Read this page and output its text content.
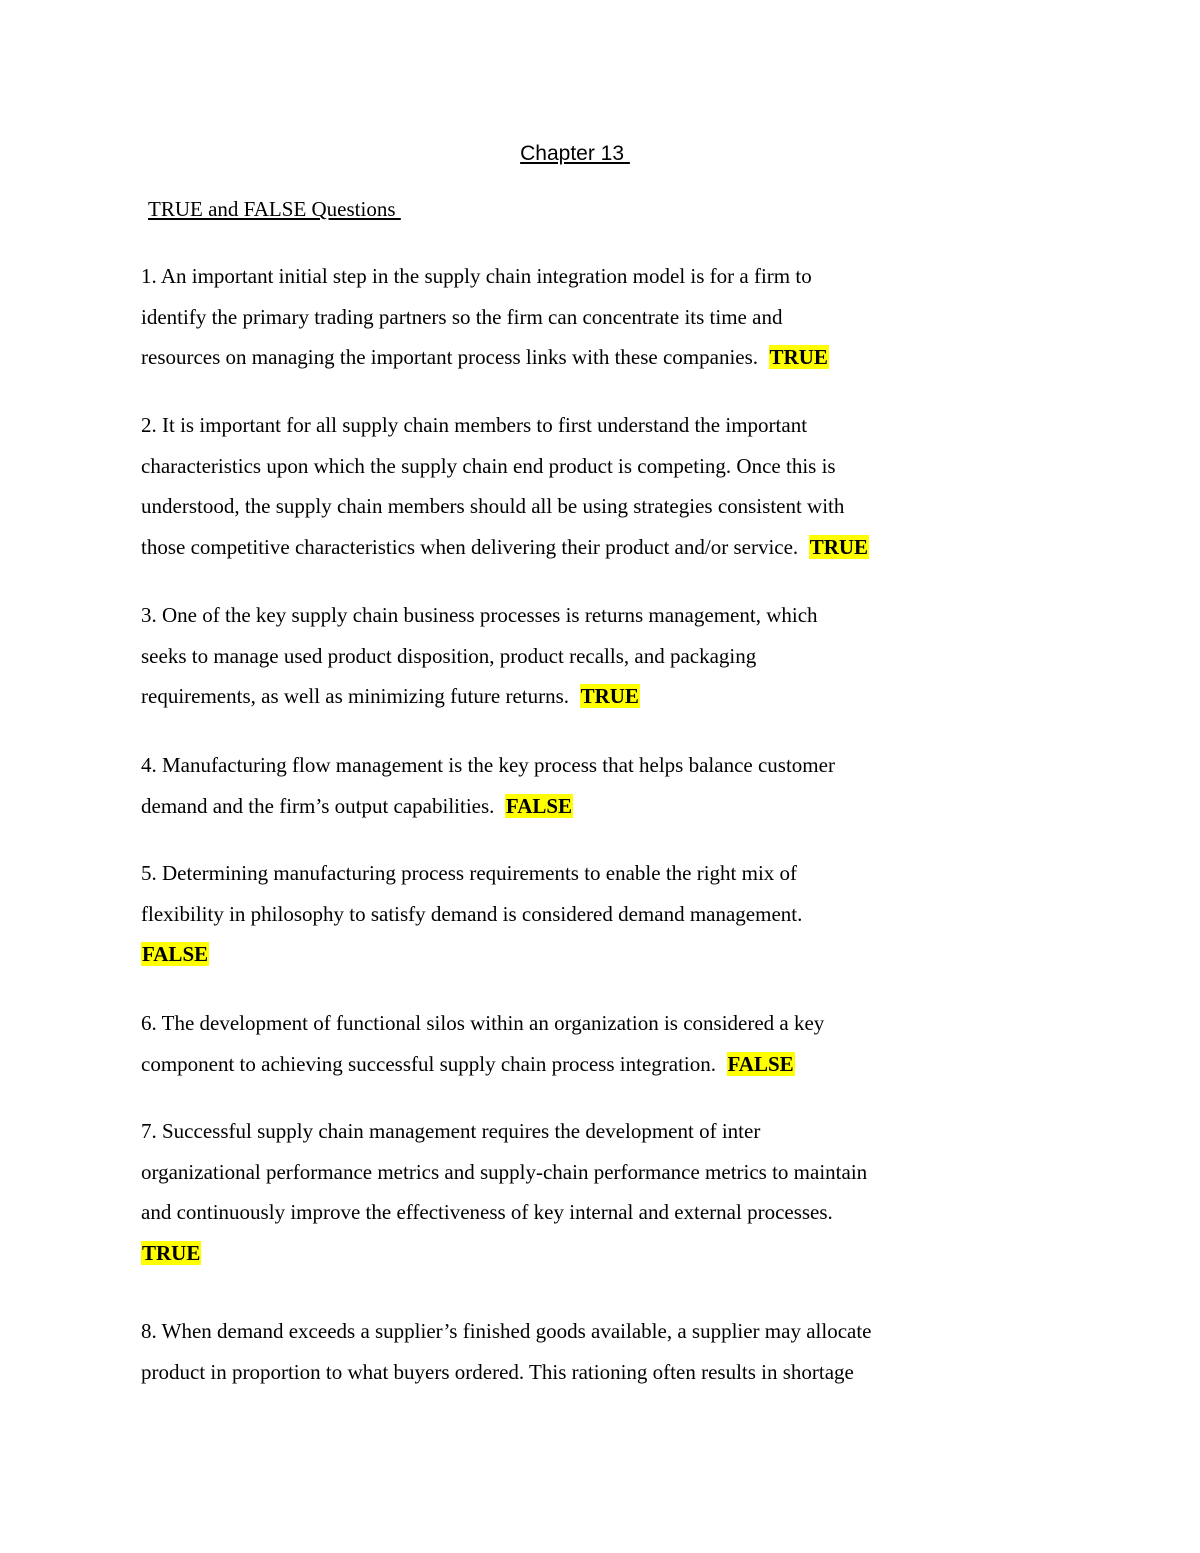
Chapter 13
TRUE and FALSE Questions
1. An important initial step in the supply chain integration model is for a firm to
identify the primary trading partners so the firm can concentrate its time and
resources on managing the important process links with these companies. TRUE
2. It is important for all supply chain members to first understand the important
characteristics upon which the supply chain end product is competing. Once this is
understood, the supply chain members should all be using strategies consistent with
those competitive characteristics when delivering their product and/or service. TRUE
3. One of the key supply chain business processes is returns management, which
seeks to manage used product disposition, product recalls, and packaging
requirements, as well as minimizing future returns. TRUE
4. Manufacturing flow management is the key process that helps balance customer
demand and the firm’s output capabilities. FALSE
5. Determining manufacturing process requirements to enable the right mix of
flexibility in philosophy to satisfy demand is considered demand management.
FALSE
6. The development of functional silos within an organization is considered a key
component to achieving successful supply chain process integration. FALSE
7. Successful supply chain management requires the development of inter
organizational performance metrics and supply-chain performance metrics to maintain
and continuously improve the effectiveness of key internal and external processes.
TRUE
8. When demand exceeds a supplier’s finished goods available, a supplier may allocate
product in proportion to what buyers ordered. This rationing often results in shortage
